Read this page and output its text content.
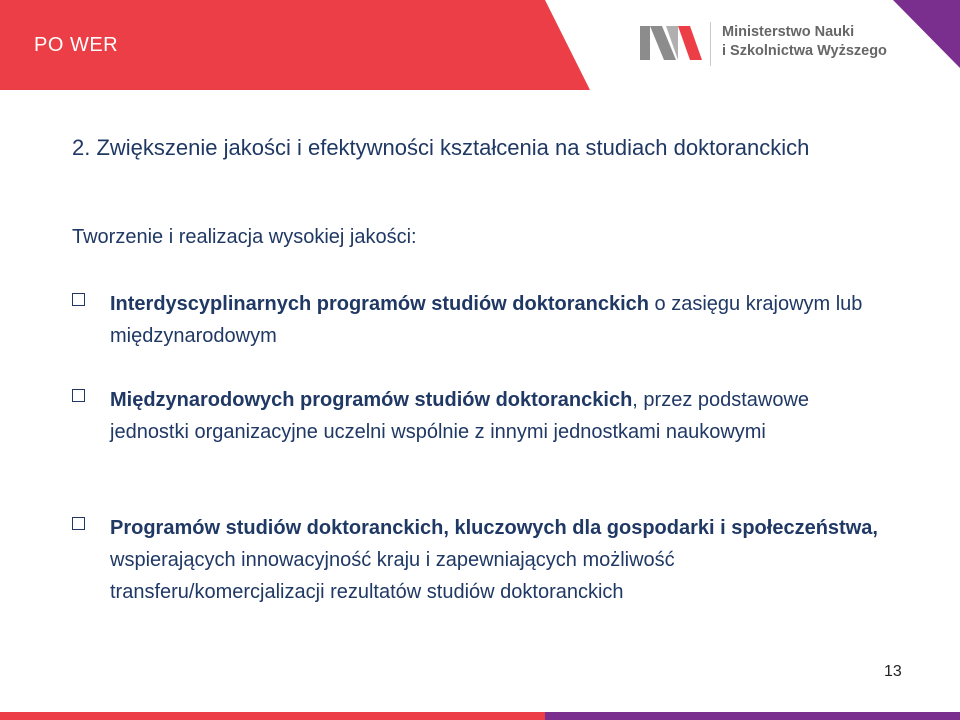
PO WER
Ministerstwo Nauki
i Szkolnictwa Wyższego
2. Zwiększenie jakości i efektywności kształcenia na studiach doktoranckich
Tworzenie i realizacja wysokiej jakości:
Interdyscyplinarnych programów studiów doktoranckich o zasięgu krajowym lub międzynarodowym
Międzynarodowych programów studiów doktoranckich, przez podstawowe jednostki organizacyjne uczelni wspólnie z innymi jednostkami naukowymi
Programów studiów doktoranckich, kluczowych dla gospodarki i społeczeństwa, wspierających innowacyjność kraju i zapewniających możliwość transferu/komercjalizacji rezultatów studiów doktoranckich
13
